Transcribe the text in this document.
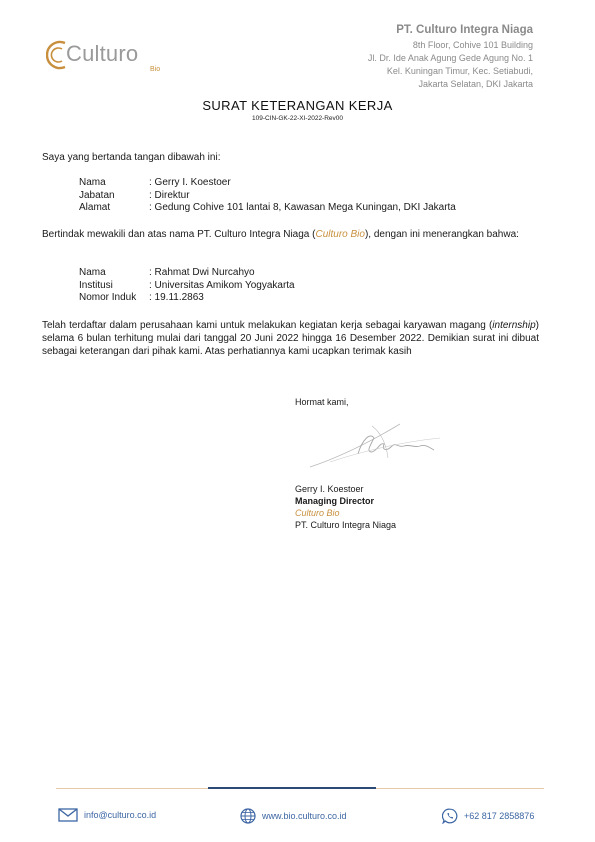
Culturo
Bio
PT. Culturo Integra Niaga
8th Floor, Cohive 101 Building
Jl. Dr. Ide Anak Agung Gede Agung No. 1
Kel. Kuningan Timur, Kec. Setiabudi,
Jakarta Selatan, DKI Jakarta
SURAT KETERANGAN KERJA
109-CIN-GK-22-XI-2022-Rev00
Saya yang bertanda tangan dibawah ini:
Nama	: Gerry I. Koestoer
Jabatan	: Direktur
Alamat	: Gedung Cohive 101 lantai 8, Kawasan Mega Kuningan, DKI Jakarta
Bertindak mewakili dan atas nama PT. Culturo Integra Niaga (Culturo Bio), dengan ini menerangkan bahwa:
Nama	: Rahmat Dwi Nurcahyo
Institusi	: Universitas Amikom Yogyakarta
Nomor Induk	: 19.11.2863
Telah terdaftar dalam perusahaan kami untuk melakukan kegiatan kerja sebagai karyawan magang (internship) selama 6 bulan terhitung mulai dari tanggal 20 Juni 2022 hingga 16 Desember 2022. Demikian surat ini dibuat sebagai keterangan dari pihak kami. Atas perhatiannya kami ucapkan terimak kasih
Hormat kami,
Gerry I. Koestoer
Managing Director
Culturo Bio
PT. Culturo Integra Niaga
info@culturo.co.id	www.bio.culturo.co.id	+62 817 2858876
